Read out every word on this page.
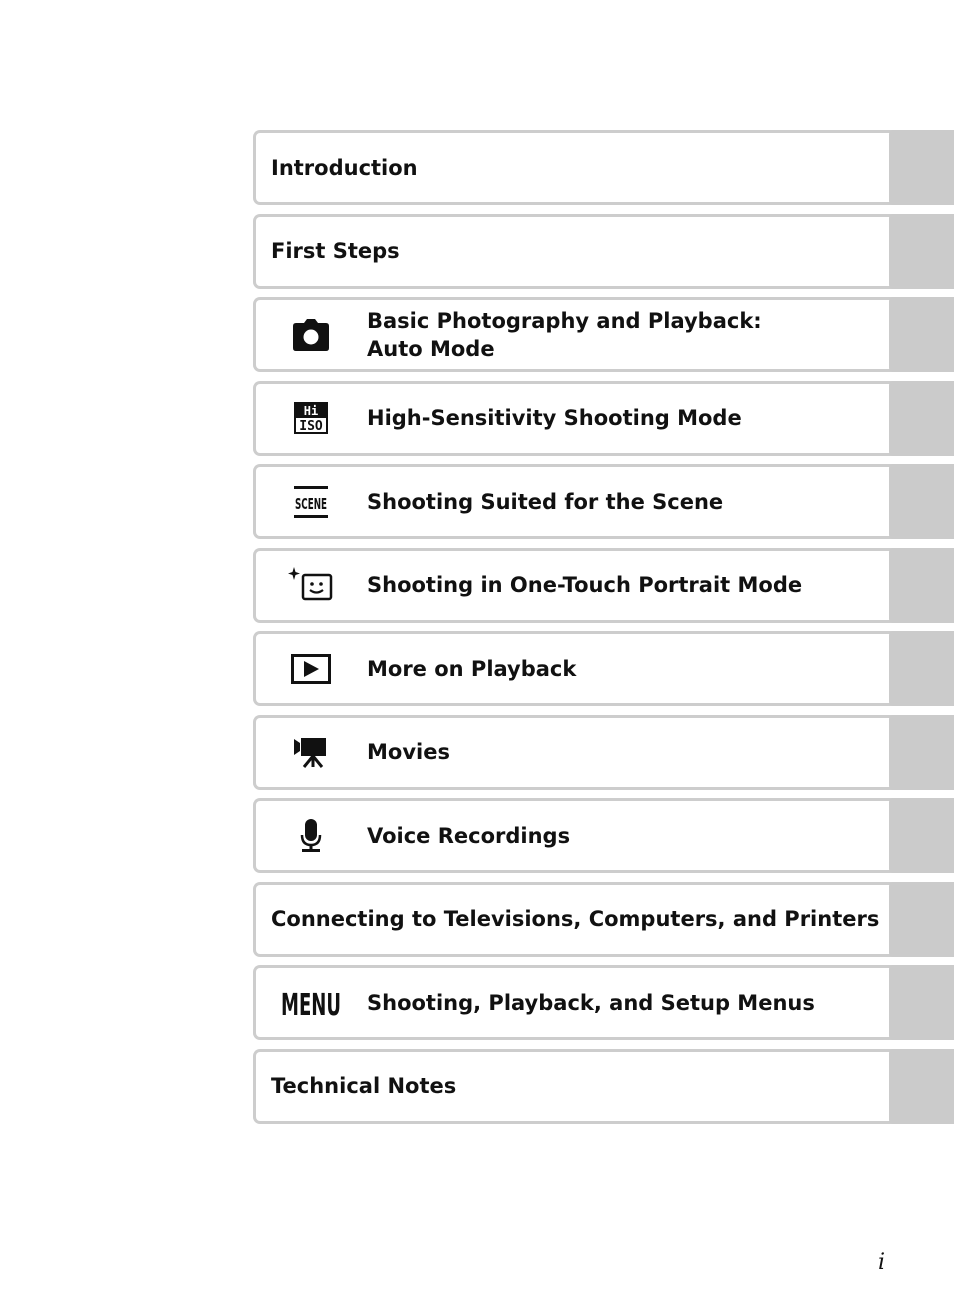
Introduction
First Steps
Basic Photography and Playback:
Auto Mode
Hi
ISO High-Sensitivity Shooting Mode
SCENE Shooting Suited for the Scene
Shooting in One-Touch Portrait Mode
More on Playback
Movies
Voice Recordings
Connecting to Televisions, Computers, and Printers
MENU Shooting, Playback, and Setup Menus
Technical Notes
i
